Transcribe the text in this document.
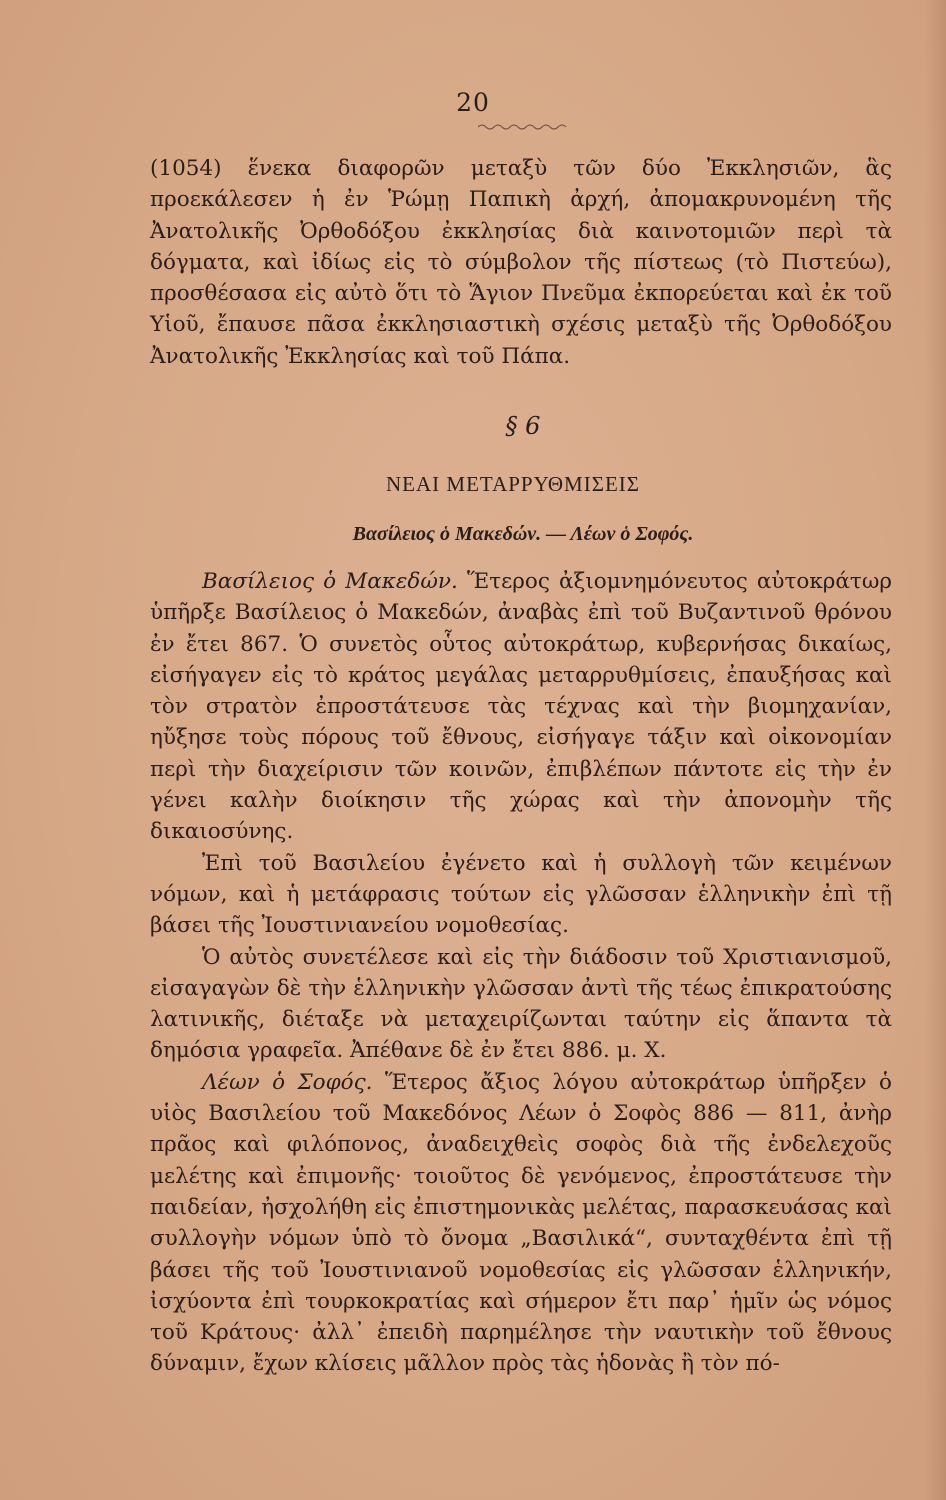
20

(1054) ἕνεκα διαφορῶν μεταξὺ τῶν δύο Ἐκκλησιῶν, ἃς προεκάλεσεν ἡ ἐν Ῥώμῃ Παπικὴ ἀρχή, ἀπομακρυνομένη τῆς Ἀνατολικῆς Ὀρθοδόξου ἐκκλησίας διὰ καινοτομιῶν περὶ τὰ δόγματα, καὶ ἰδίως εἰς τὸ σύμβολον τῆς πίστεως (τὸ Πιστεύω), προσθέσασα εἰς αὐτὸ ὅτι τὸ Ἅγιον Πνεῦμα ἐκπορεύεται καὶ ἐκ τοῦ Υἱοῦ, ἔπαυσε πᾶσα ἐκκλησιαστικὴ σχέσις μεταξὺ τῆς Ὀρθοδόξου Ἀνατολικῆς Ἐκκλησίας καὶ τοῦ Πάπα.

§ 6
ΝΕΑΙ ΜΕΤΑΡΡΥΘΜΙΣΕΙΣ
Βασίλειος ὁ Μακεδών. — Λέων ὁ Σοφός.

Βασίλειος ὁ Μακεδών. Ἕτερος ἀξιομνημόνευτος αὐτοκράτωρ ὑπῆρξε Βασίλειος ὁ Μακεδών, ἀναβὰς ἐπὶ τοῦ Βυζαντινοῦ θρόνου ἐν ἔτει 867. Ὁ συνετὸς οὗτος αὐτοκράτωρ, κυβερνήσας δικαίως, εἰσήγαγεν εἰς τὸ κράτος μεγάλας μεταρρυθμίσεις, ἐπαυξήσας καὶ τὸν στρατὸν ἐπροστάτευσε τὰς τέχνας καὶ τὴν βιομηχανίαν, ηὔξησε τοὺς πόρους τοῦ ἔθνους, εἰσήγαγε τάξιν καὶ οἰκονομίαν περὶ τὴν διαχείρισιν τῶν κοινῶν, ἐπιβλέπων πάντοτε εἰς τὴν ἐν γένει καλὴν διοίκησιν τῆς χώρας καὶ τὴν ἀπονομὴν τῆς δικαιοσύνης.

Ἐπὶ τοῦ Βασιλείου ἐγένετο καὶ ἡ συλλογὴ τῶν κειμένων νόμων, καὶ ἡ μετάφρασις τούτων εἰς γλῶσσαν ἑλληνικὴν ἐπὶ τῇ βάσει τῆς Ἰουστινιανείου νομοθεσίας.

Ὁ αὐτὸς συνετέλεσε καὶ εἰς τὴν διάδοσιν τοῦ Χριστιανισμοῦ, εἰσαγαγὼν δὲ τὴν ἑλληνικὴν γλῶσσαν ἀντὶ τῆς τέως ἐπικρατούσης λατινικῆς, διέταξε νὰ μεταχειρίζωνται ταύτην εἰς ἅπαντα τὰ δημόσια γραφεῖα. Ἀπέθανε δὲ ἐν ἔτει 886. μ. Χ.

Λέων ὁ Σοφός. Ἕτερος ἄξιος λόγου αὐτοκράτωρ ὑπῆρξεν ὁ υἱὸς Βασιλείου τοῦ Μακεδόνος Λέων ὁ Σοφὸς 886 — 811, ἀνὴρ πρᾶος καὶ φιλόπονος, ἀναδειχθεὶς σοφὸς διὰ τῆς ἐνδελεχοῦς μελέτης καὶ ἐπιμονῆς· τοιοῦτος δὲ γενόμενος, ἐπροστάτευσε τὴν παιδείαν, ἠσχολήθη εἰς ἐπιστημονικὰς μελέτας, παρασκευάσας καὶ συλλογὴν νόμων ὑπὸ τὸ ὄνομα „Βασιλικά“, συνταχθέντα ἐπὶ τῇ βάσει τῆς τοῦ Ἰουστινιανοῦ νομοθεσίας εἰς γλῶσσαν ἑλληνικήν, ἰσχύοντα ἐπὶ τουρκοκρατίας καὶ σήμερον ἔτι παρ᾽ ἡμῖν ὡς νόμος τοῦ Κράτους· ἀλλ᾽ ἐπειδὴ παρημέλησε τὴν ναυτικὴν τοῦ ἔθνους δύναμιν, ἔχων κλίσεις μᾶλλον πρὸς τὰς ἡδονὰς ἢ τὸν πό-
